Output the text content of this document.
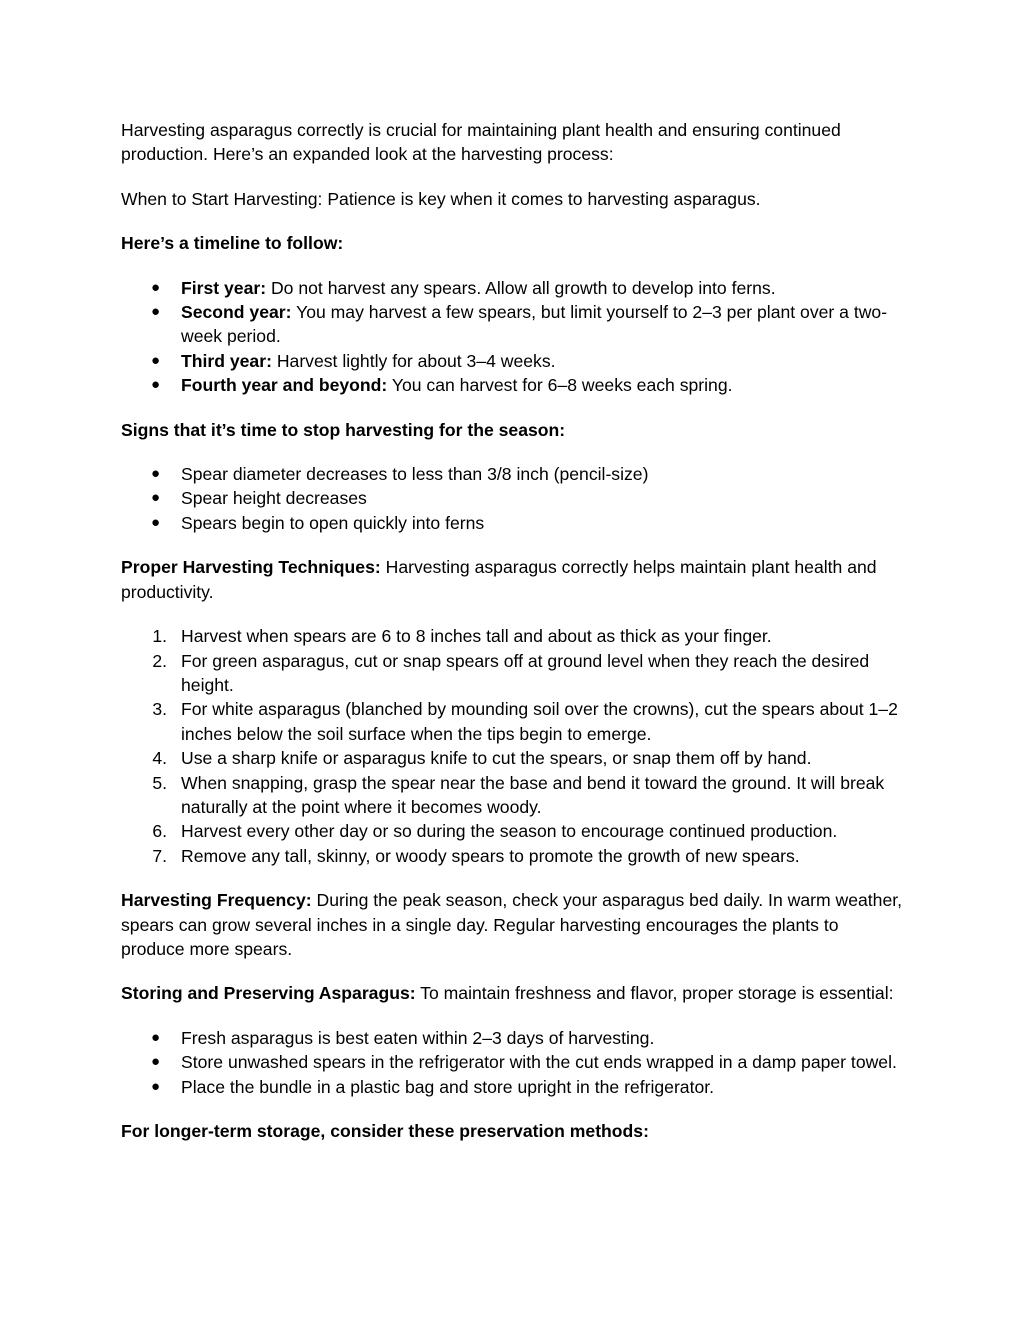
Harvesting asparagus correctly is crucial for maintaining plant health and ensuring continued production. Here’s an expanded look at the harvesting process:

When to Start Harvesting: Patience is key when it comes to harvesting asparagus.

Here’s a timeline to follow:

● First year: Do not harvest any spears. Allow all growth to develop into ferns.
● Second year: You may harvest a few spears, but limit yourself to 2–3 per plant over a two-week period.
● Third year: Harvest lightly for about 3–4 weeks.
● Fourth year and beyond: You can harvest for 6–8 weeks each spring.

Signs that it’s time to stop harvesting for the season:

● Spear diameter decreases to less than 3/8 inch (pencil-size)
● Spear height decreases
● Spears begin to open quickly into ferns

Proper Harvesting Techniques: Harvesting asparagus correctly helps maintain plant health and productivity.

1. Harvest when spears are 6 to 8 inches tall and about as thick as your finger.
2. For green asparagus, cut or snap spears off at ground level when they reach the desired height.
3. For white asparagus (blanched by mounding soil over the crowns), cut the spears about 1–2 inches below the soil surface when the tips begin to emerge.
4. Use a sharp knife or asparagus knife to cut the spears, or snap them off by hand.
5. When snapping, grasp the spear near the base and bend it toward the ground. It will break naturally at the point where it becomes woody.
6. Harvest every other day or so during the season to encourage continued production.
7. Remove any tall, skinny, or woody spears to promote the growth of new spears.

Harvesting Frequency: During the peak season, check your asparagus bed daily. In warm weather, spears can grow several inches in a single day. Regular harvesting encourages the plants to produce more spears.

Storing and Preserving Asparagus: To maintain freshness and flavor, proper storage is essential:

● Fresh asparagus is best eaten within 2–3 days of harvesting.
● Store unwashed spears in the refrigerator with the cut ends wrapped in a damp paper towel.
● Place the bundle in a plastic bag and store upright in the refrigerator.

For longer-term storage, consider these preservation methods:
